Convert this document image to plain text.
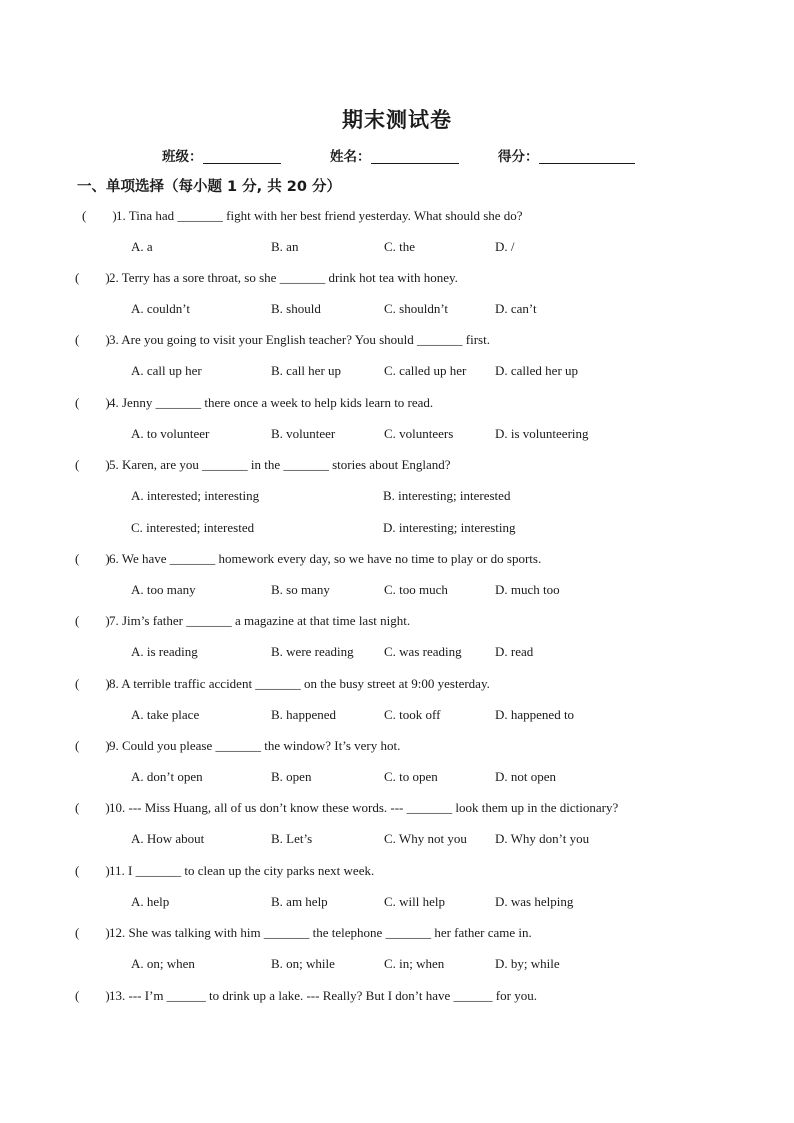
期末测试卷
班级：	姓名：	得分：
一、单项选择（每小题 1 分, 共 20 分）
(        ) 1. Tina had _______ fight with her best friend yesterday. What should she do?
A. a	B. an	C. the	D. /
(        ) 2. Terry has a sore throat, so she _______ drink hot tea with honey.
A. couldn’t	B. should	C. shouldn’t	D. can’t
(        ) 3. Are you going to visit your English teacher? You should _______ first.
A. call up her	B. call her up	C. called up her D. called her up
(        ) 4. Jenny _______ there once a week to help kids learn to read.
A. to volunteer	B. volunteer	C. volunteers	D. is volunteering
(        ) 5. Karen, are you _______ in the _______ stories about England?
A. interested; interesting	B. interesting; interested
C. interested; interested	D. interesting; interesting
(        ) 6. We have _______ homework every day, so we have no time to play or do sports.
A. too many	B. so many	C. too much	D. much too
(        ) 7. Jim’s father _______ a magazine at that time last night.
A. is reading	B. were reading C. was reading	D. read
(        ) 8. A terrible traffic accident _______ on the busy street at 9:00 yesterday.
A. take place	B. happened	C. took off	D. happened to
(        ) 9. Could you please _______ the window? It’s very hot.
A. don’t open	B. open	C. to open	D. not open
(        ) 10. --- Miss Huang, all of us don’t know these words. --- _______ look them up in the dictionary?
A. How about	B. Let’s	C. Why not you D. Why don’t you
(        ) 11. I _______ to clean up the city parks next week.
A. help	B. am help	C. will help	D. was helping
(        ) 12. She was talking with him _______ the telephone _______ her father came in.
A. on; when	B. on; while	C. in; when	D. by; while
(        ) 13. --- I’m ______ to drink up a lake. --- Really? But I don’t have ______ for you.
